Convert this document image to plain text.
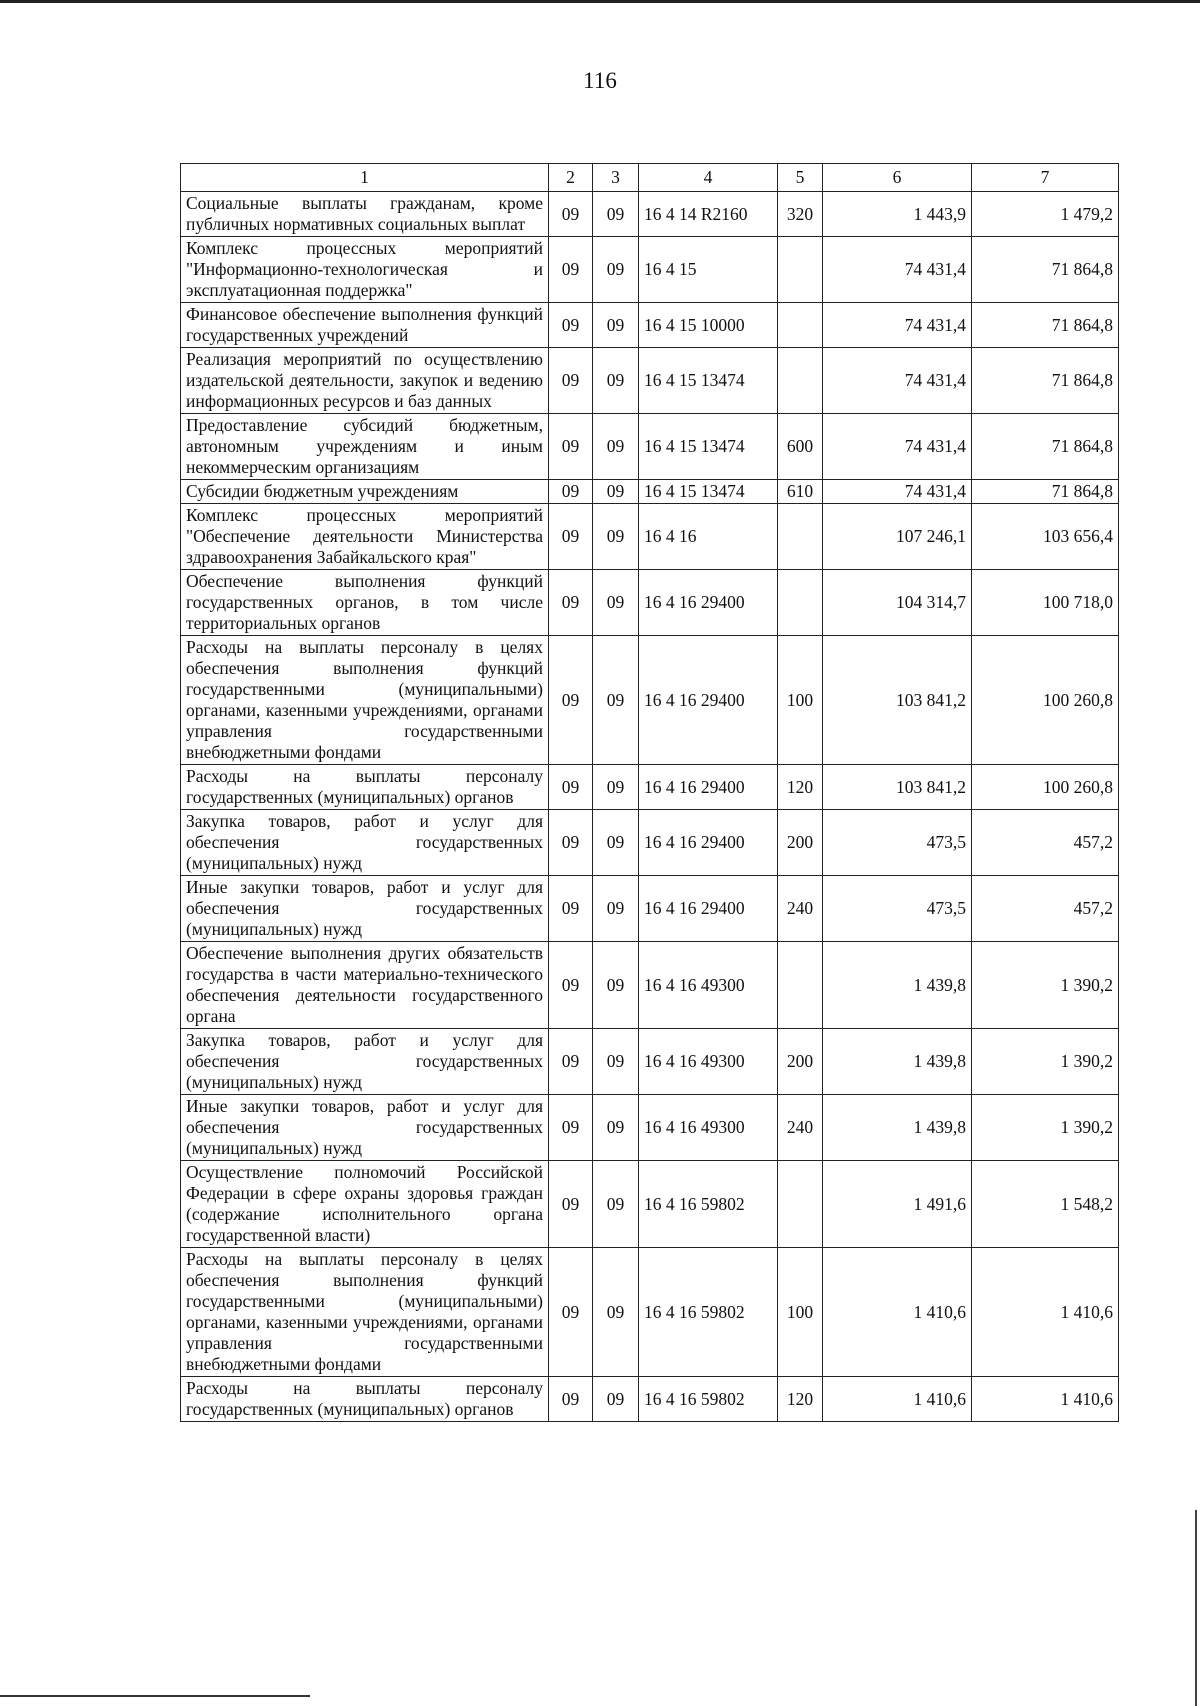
116
1	2	3	4	5	6	7
Социальные выплаты гражданам, кроме публичных нормативных социальных выплат	09	09	16 4 14 R2160	320	1 443,9	1 479,2
Комплекс процессных мероприятий "Информационно-технологическая и эксплуатационная поддержка"	09	09	16 4 15		74 431,4	71 864,8
Финансовое обеспечение выполнения функций государственных учреждений	09	09	16 4 15 10000		74 431,4	71 864,8
Реализация мероприятий по осуществлению издательской деятельности, закупок и ведению информационных ресурсов и баз данных	09	09	16 4 15 13474		74 431,4	71 864,8
Предоставление субсидий бюджетным, автономным учреждениям и иным некоммерческим организациям	09	09	16 4 15 13474	600	74 431,4	71 864,8
Субсидии бюджетным учреждениям	09	09	16 4 15 13474	610	74 431,4	71 864,8
Комплекс процессных мероприятий "Обеспечение деятельности Министерства здравоохранения Забайкальского края"	09	09	16 4 16		107 246,1	103 656,4
Обеспечение выполнения функций государственных органов, в том числе территориальных органов	09	09	16 4 16 29400		104 314,7	100 718,0
Расходы на выплаты персоналу в целях обеспечения выполнения функций государственными (муниципальными) органами, казенными учреждениями, органами управления государственными внебюджетными фондами	09	09	16 4 16 29400	100	103 841,2	100 260,8
Расходы на выплаты персоналу государственных (муниципальных) органов	09	09	16 4 16 29400	120	103 841,2	100 260,8
Закупка товаров, работ и услуг для обеспечения государственных (муниципальных) нужд	09	09	16 4 16 29400	200	473,5	457,2
Иные закупки товаров, работ и услуг для обеспечения государственных (муниципальных) нужд	09	09	16 4 16 29400	240	473,5	457,2
Обеспечение выполнения других обязательств государства в части материально-технического обеспечения деятельности государственного органа	09	09	16 4 16 49300		1 439,8	1 390,2
Закупка товаров, работ и услуг для обеспечения государственных (муниципальных) нужд	09	09	16 4 16 49300	200	1 439,8	1 390,2
Иные закупки товаров, работ и услуг для обеспечения государственных (муниципальных) нужд	09	09	16 4 16 49300	240	1 439,8	1 390,2
Осуществление полномочий Российской Федерации в сфере охраны здоровья граждан (содержание исполнительного органа государственной власти)	09	09	16 4 16 59802		1 491,6	1 548,2
Расходы на выплаты персоналу в целях обеспечения выполнения функций государственными (муниципальными) органами, казенными учреждениями, органами управления государственными внебюджетными фондами	09	09	16 4 16 59802	100	1 410,6	1 410,6
Расходы на выплаты персоналу государственных (муниципальных) органов	09	09	16 4 16 59802	120	1 410,6	1 410,6
